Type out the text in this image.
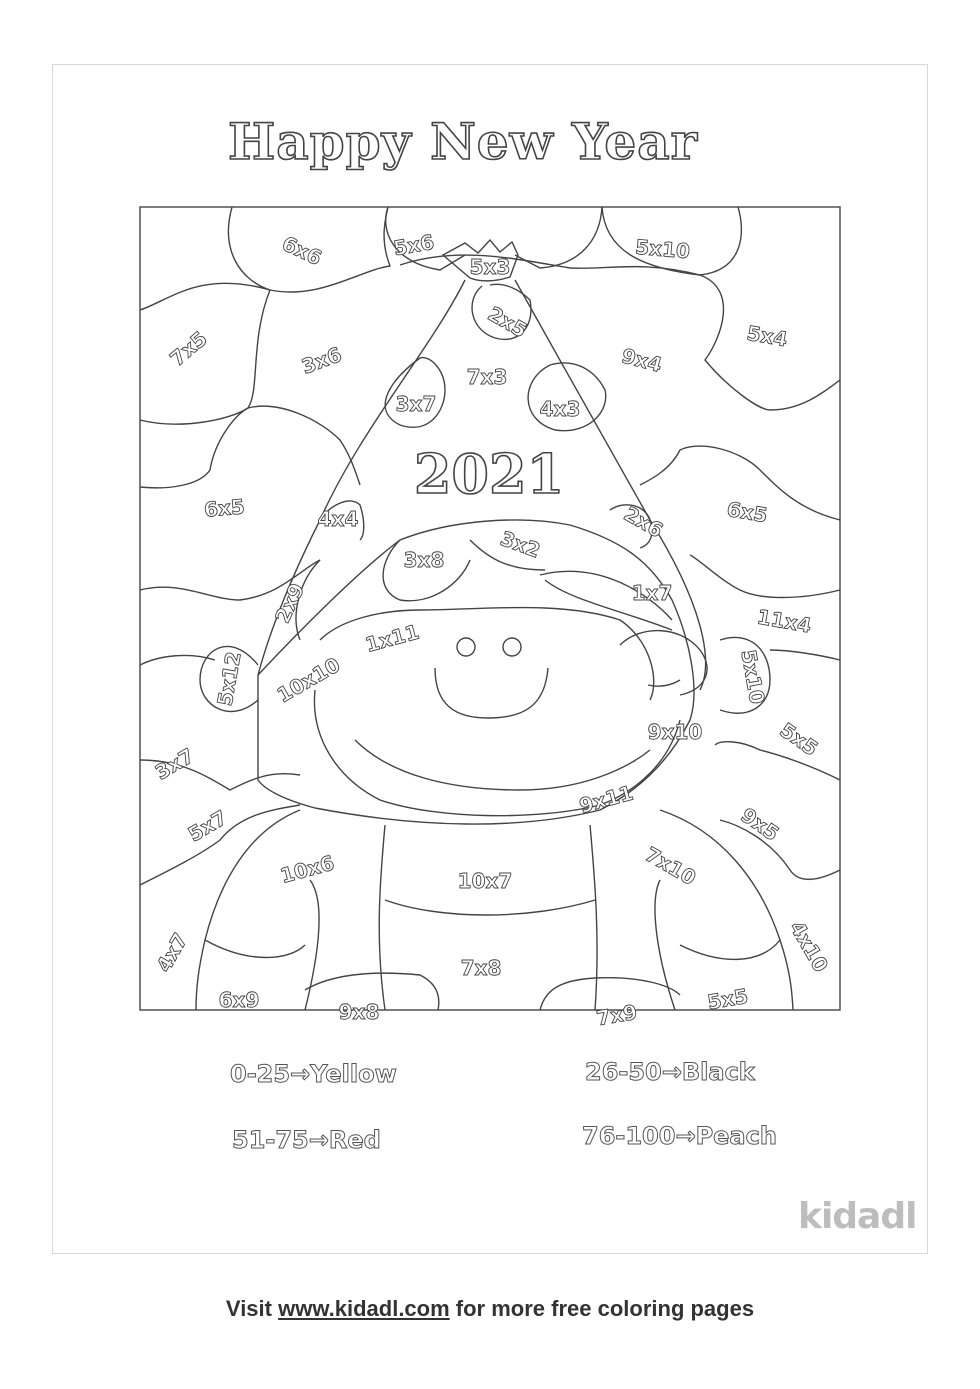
Happy New Year
6x6	5x6
5x3
5x10
2x5
7x5	3x6	9x4
5x4
7x3
3x7	4x3
6x5	4x4	2x6	6x5
3x8	3x2
1x7
2x9	11x4
1x11
5x12 10x10	5x10
9x10	5x5
3x7
9x11
5x7	9x5
10x6	10x7	7x10
4x7	4x10
7x8
6x9	9x8	7x9
5x5
2021
0-25→Yellow	26-50→Black
51-75→Red	76-100→Peach
kidadl
Visit www.kidadl.com for more free coloring pages
